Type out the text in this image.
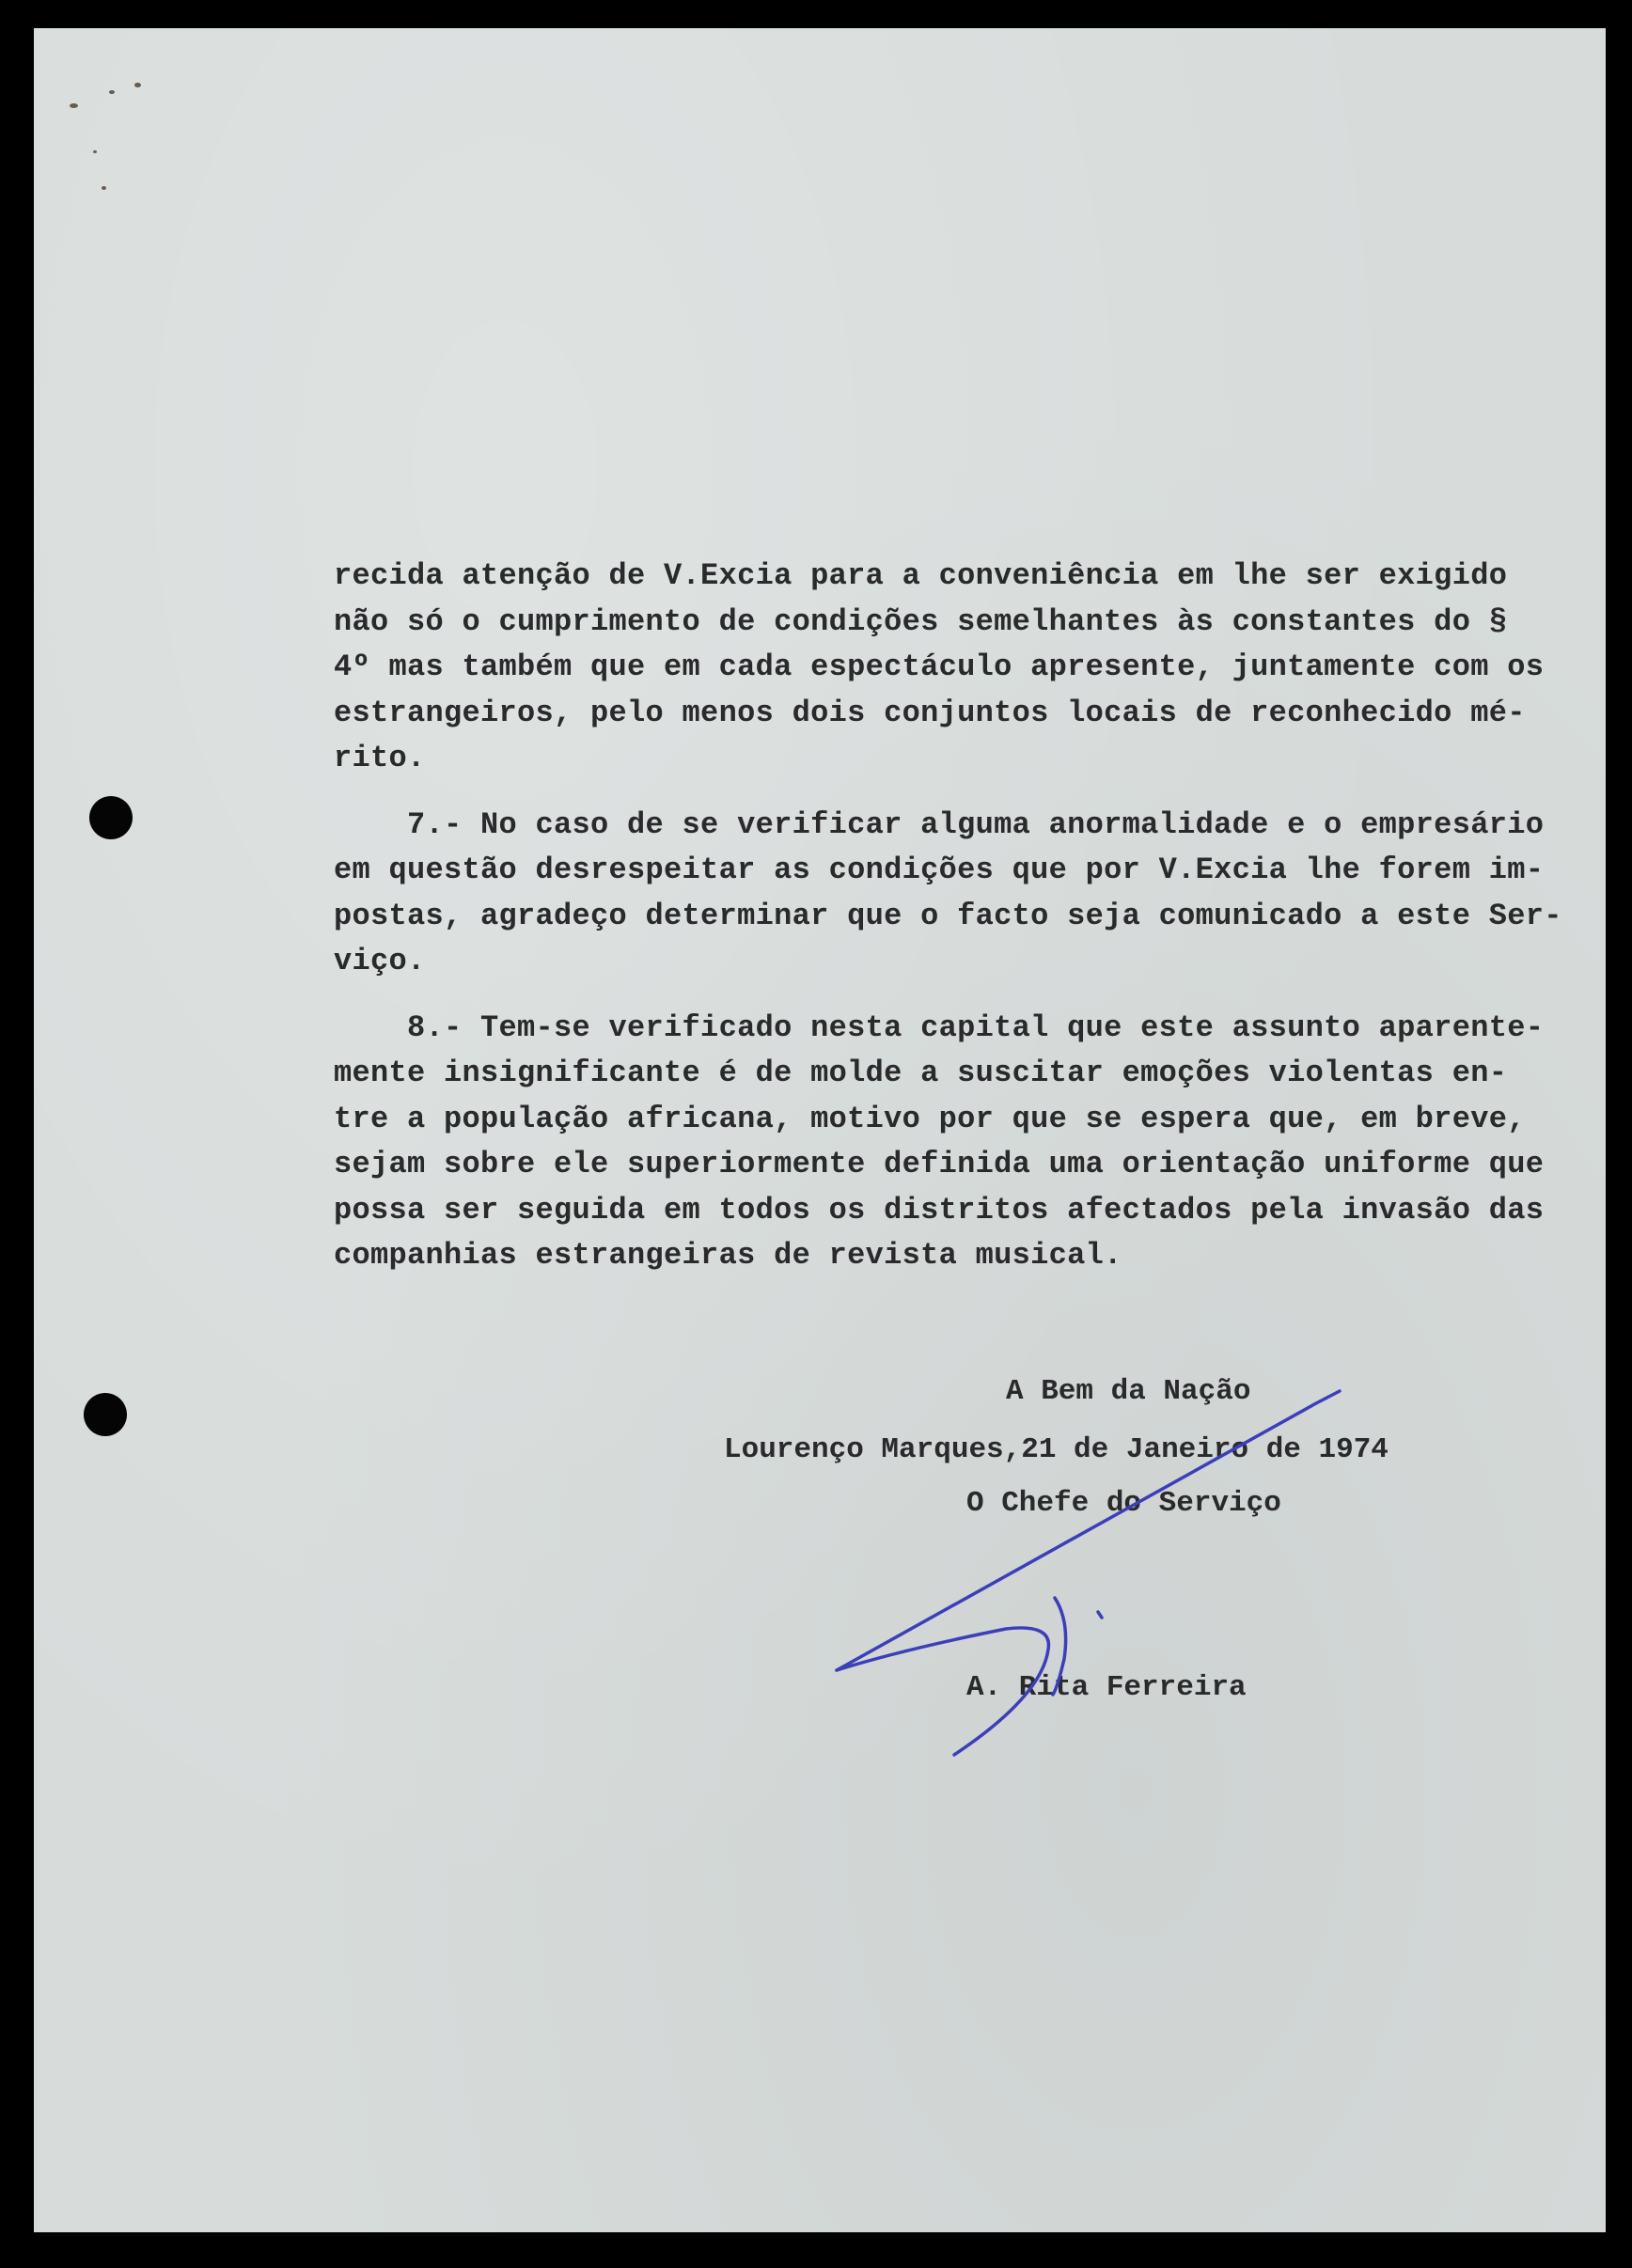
recida atenção de V.Excia para a conveniência em lhe ser exigido
não só o cumprimento de condições semelhantes às constantes do §
4º mas também que em cada espectáculo apresente, juntamente com os
estrangeiros, pelo menos dois conjuntos locais de reconhecido mé-
rito.
7.- No caso de se verificar alguma anormalidade e o empresário
em questão desrespeitar as condições que por V.Excia lhe forem im-
postas, agradeço determinar que o facto seja comunicado a este Ser-
viço.
8.- Tem-se verificado nesta capital que este assunto aparente-
mente insignificante é de molde a suscitar emoções violentas en-
tre a população africana, motivo por que se espera que, em breve,
sejam sobre ele superiormente definida uma orientação uniforme que
possa ser seguida em todos os distritos afectados pela invasão das
companhias estrangeiras de revista musical.
A Bem da Nação
Lourenço Marques,21 de Janeiro de 1974
O Chefe do Serviço
A. Rita Ferreira
